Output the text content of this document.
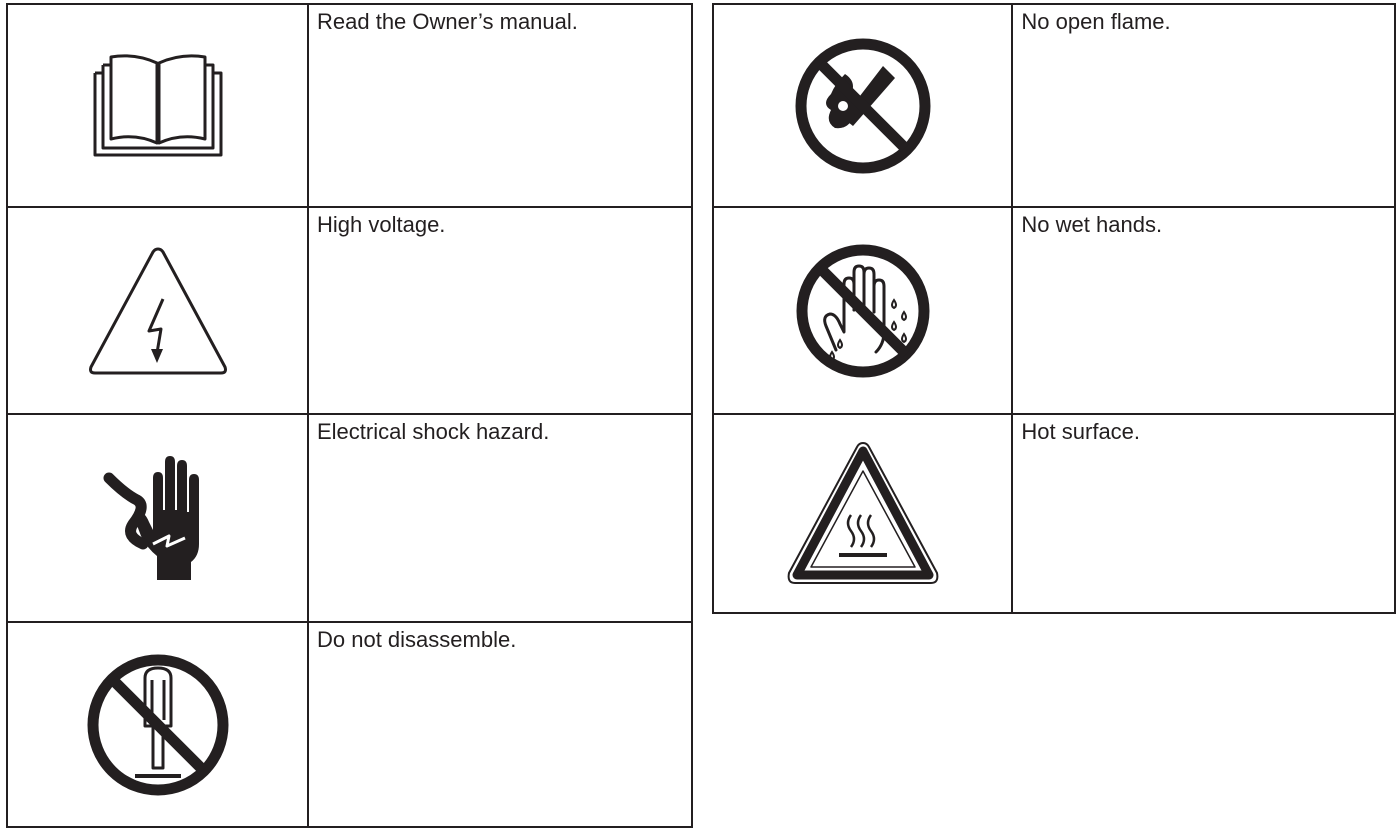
Read the Owner’s manual.

High voltage.

Electrical shock hazard.

Do not disassemble.

No open flame.

No wet hands.

Hot surface.
